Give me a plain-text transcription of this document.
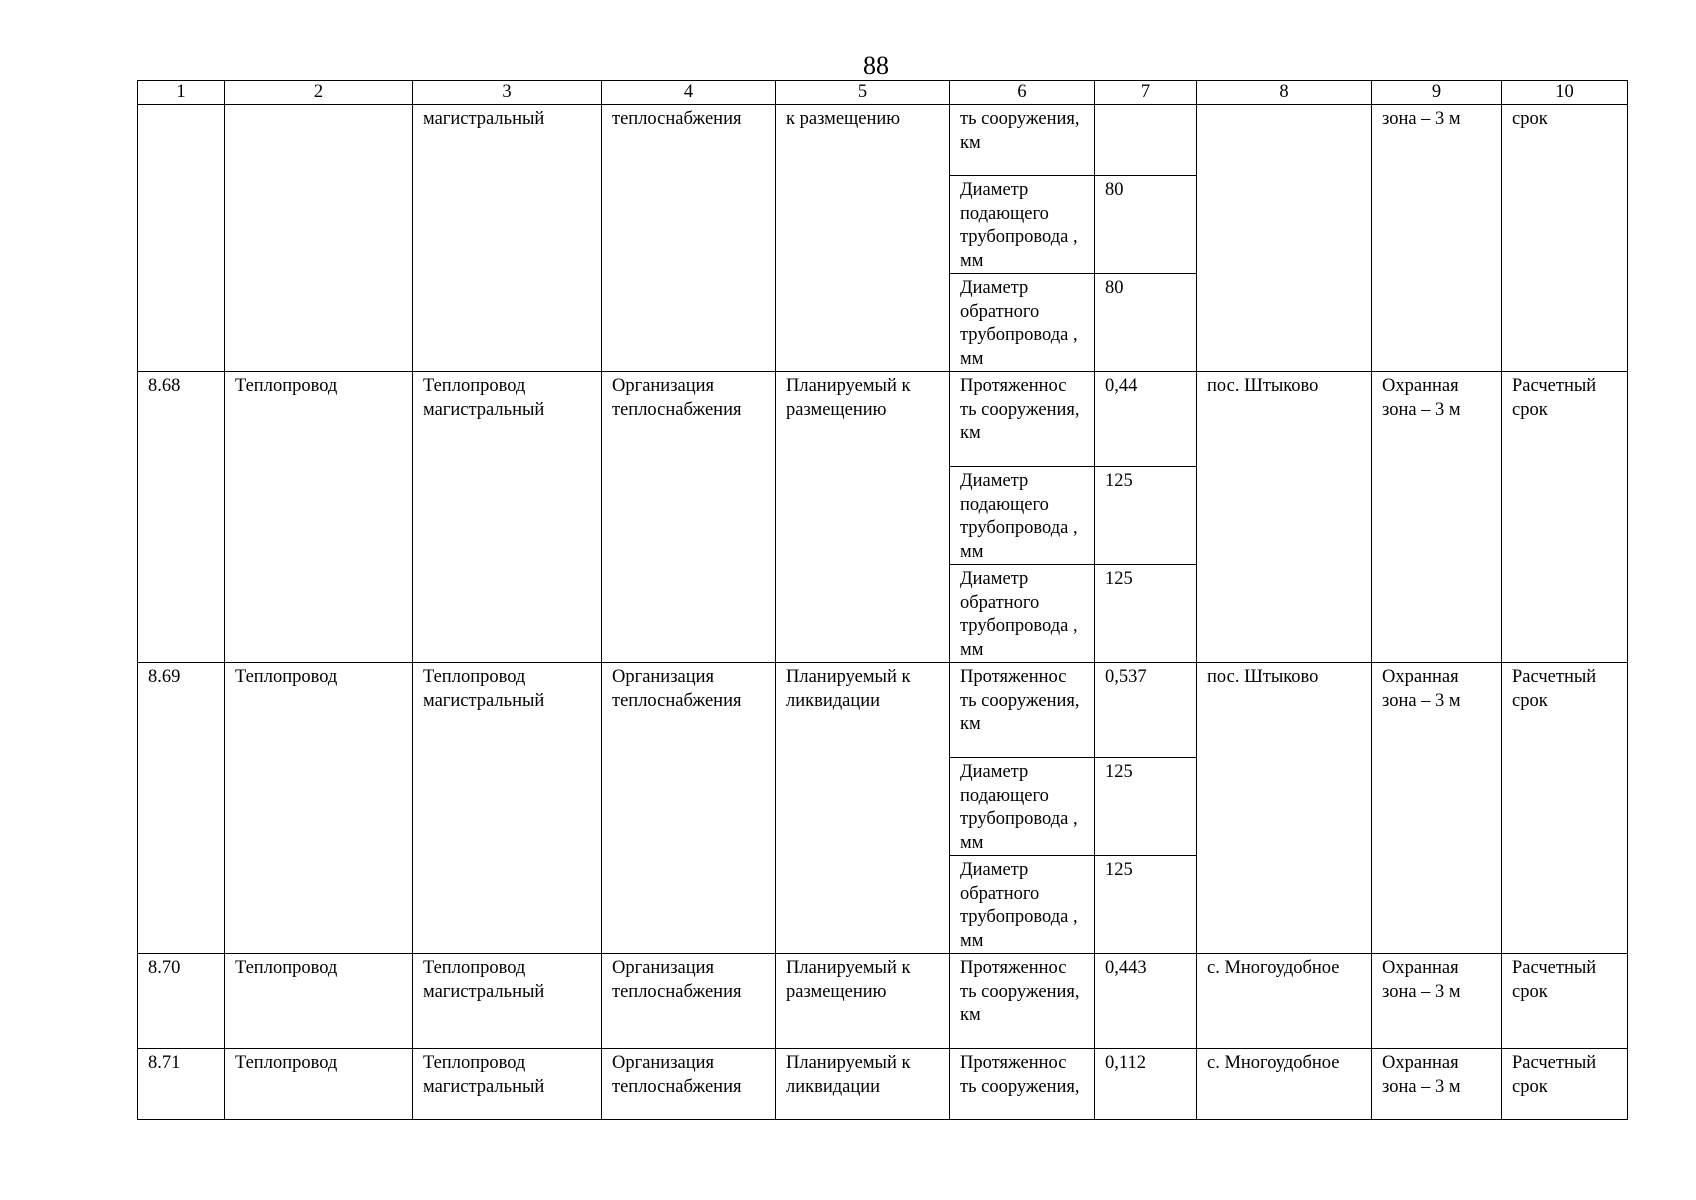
88
1	2	3	4	5	6	7	8	9	10
		магистральный	теплоснабжения	к размещению	ть сооружения, км			зона – 3 м	срок
					Диаметр подающего трубопровода , мм	80			
					Диаметр обратного трубопровода , мм	80			
8.68	Теплопровод	Теплопровод магистральный	Организация теплоснабжения	Планируемый к размещению	Протяженнос ть сооружения, км	0,44	пос. Штыково	Охранная зона – 3 м	Расчетный срок
					Диаметр подающего трубопровода , мм	125			
					Диаметр обратного трубопровода , мм	125			
8.69	Теплопровод	Теплопровод магистральный	Организация теплоснабжения	Планируемый к ликвидации	Протяженнос ть сооружения, км	0,537	пос. Штыково	Охранная зона – 3 м	Расчетный срок
					Диаметр подающего трубопровода , мм	125			
					Диаметр обратного трубопровода , мм	125			
8.70	Теплопровод	Теплопровод магистральный	Организация теплоснабжения	Планируемый к размещению	Протяженнос ть сооружения, км	0,443	с. Многоудобное	Охранная зона – 3 м	Расчетный срок
8.71	Теплопровод	Теплопровод магистральный	Организация теплоснабжения	Планируемый к ликвидации	Протяженнос ть сооружения,	0,112	с. Многоудобное	Охранная зона – 3 м	Расчетный срок
